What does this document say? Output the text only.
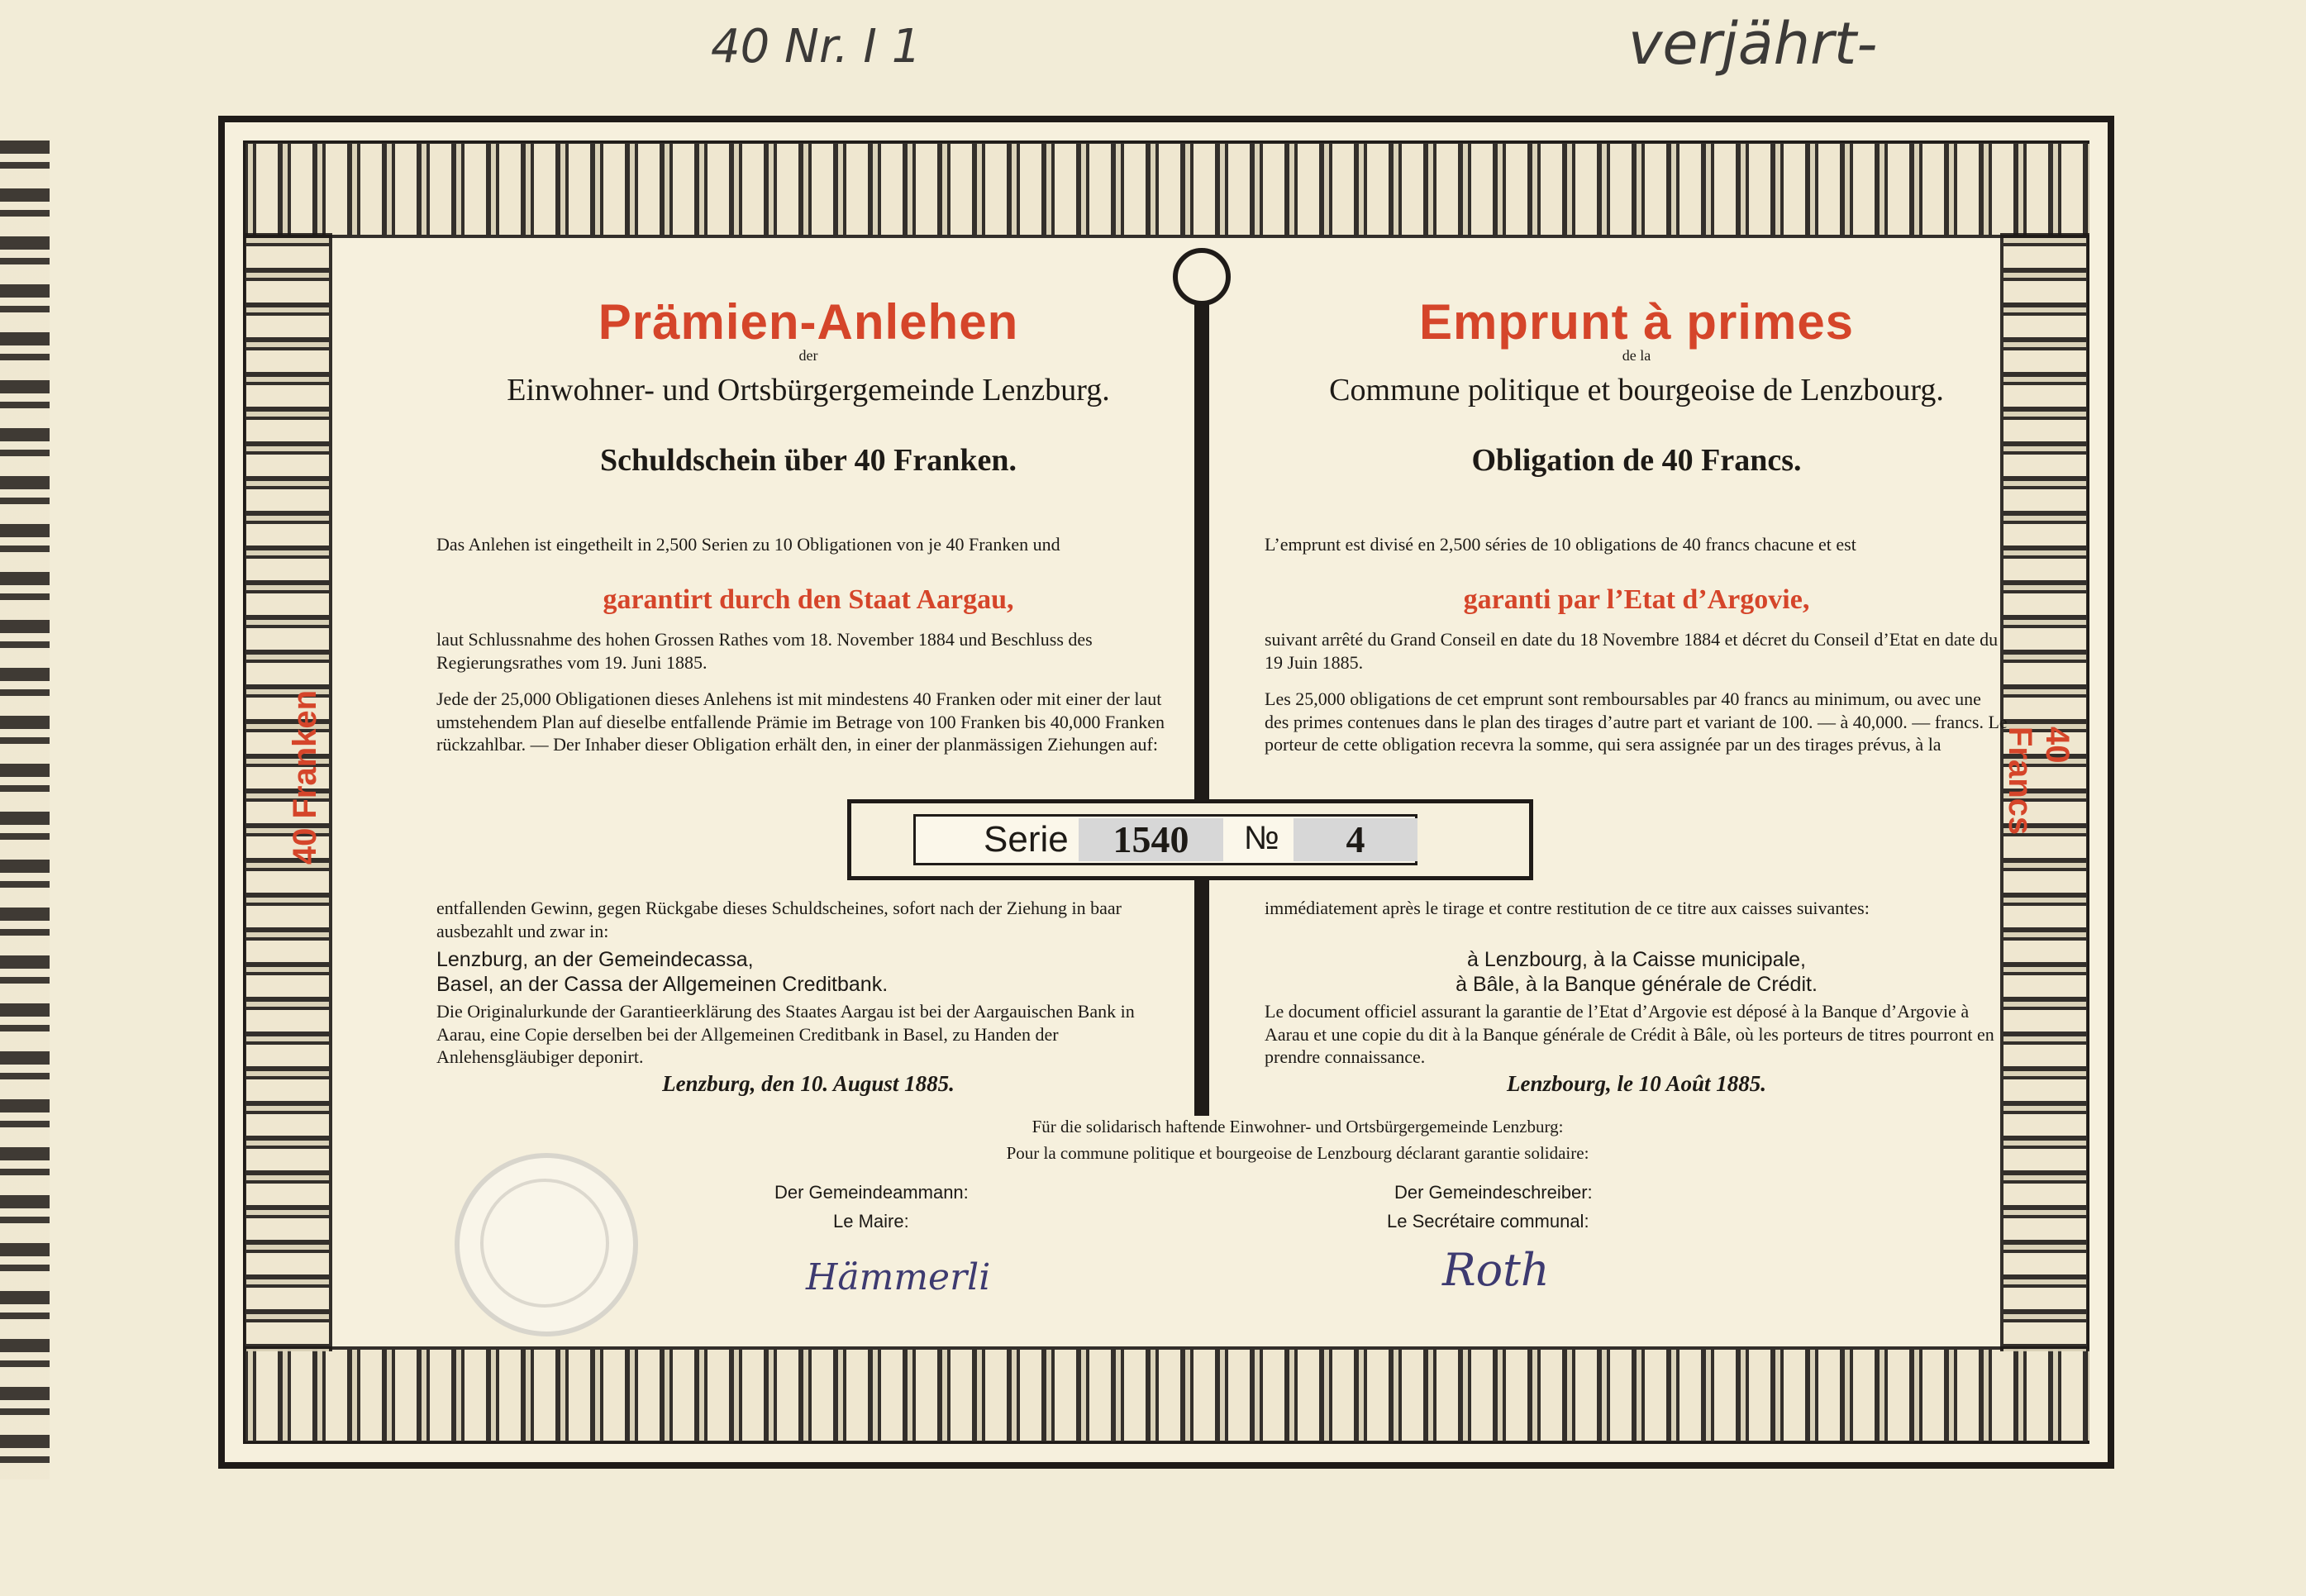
40 Nr. I 1	verjährt-
40 Franken	40 Francs
Prämien-Anlehen
der
Einwohner- und Ortsbürgergemeinde Lenzburg.
Schuldschein über 40 Franken.
Das Anlehen ist eingetheilt in 2,500 Serien zu 10 Obligationen von je 40 Franken und
garantirt durch den Staat Aargau,
laut Schlussnahme des hohen Grossen Rathes vom 18. November 1884 und Beschluss des Regierungsrathes vom 19. Juni 1885.
Jede der 25,000 Obligationen dieses Anlehens ist mit mindestens 40 Franken oder mit einer der laut umstehendem Plan auf dieselbe entfallende Prämie im Betrage von 100 Franken bis 40,000 Franken rückzahlbar. — Der Inhaber dieser Obligation erhält den, in einer der planmässigen Ziehungen auf:
entfallenden Gewinn, gegen Rückgabe dieses Schuldscheines, sofort nach der Ziehung in baar ausbezahlt und zwar in:
Lenzburg, an der Gemeindecassa,
Basel, an der Cassa der Allgemeinen Creditbank.
Die Originalurkunde der Garantieerklärung des Staates Aargau ist bei der Aargauischen Bank in Aarau, eine Copie derselben bei der Allgemeinen Creditbank in Basel, zu Handen der Anlehensgläubiger deponirt.
Lenzburg, den 10. August 1885.
Emprunt à primes
de la
Commune politique et bourgeoise de Lenzbourg.
Obligation de 40 Francs.
L’emprunt est divisé en 2,500 séries de 10 obligations de 40 francs chacune et est
garanti par l’Etat d’Argovie,
suivant arrêté du Grand Conseil en date du 18 Novembre 1884 et décret du Conseil d’Etat en date du 19 Juin 1885.
Les 25,000 obligations de cet emprunt sont remboursables par 40 francs au minimum, ou avec une des primes contenues dans le plan des tirages d’autre part et variant de 100. — à 40,000. — francs. Le porteur de cette obligation recevra la somme, qui sera assignée par un des tirages prévus, à la
immédiatement après le tirage et contre restitution de ce titre aux caisses suivantes:
à Lenzbourg, à la Caisse municipale,
à Bâle, à la Banque générale de Crédit.
Le document officiel assurant la garantie de l’Etat d’Argovie est déposé à la Banque d’Argovie à Aarau et une copie du dit à la Banque générale de Crédit à Bâle, où les porteurs de titres pourront en prendre connaissance.
Lenzbourg, le 10 Août 1885.
Serie	1540	№	4
Für die solidarisch haftende Einwohner- und Ortsbürgergemeinde Lenzburg:
Pour la commune politique et bourgeoise de Lenzbourg déclarant garantie solidaire:
Der Gemeindeammann:
Le Maire:
Der Gemeindeschreiber:
Le Secrétaire communal:
Hämmerli	Roth
